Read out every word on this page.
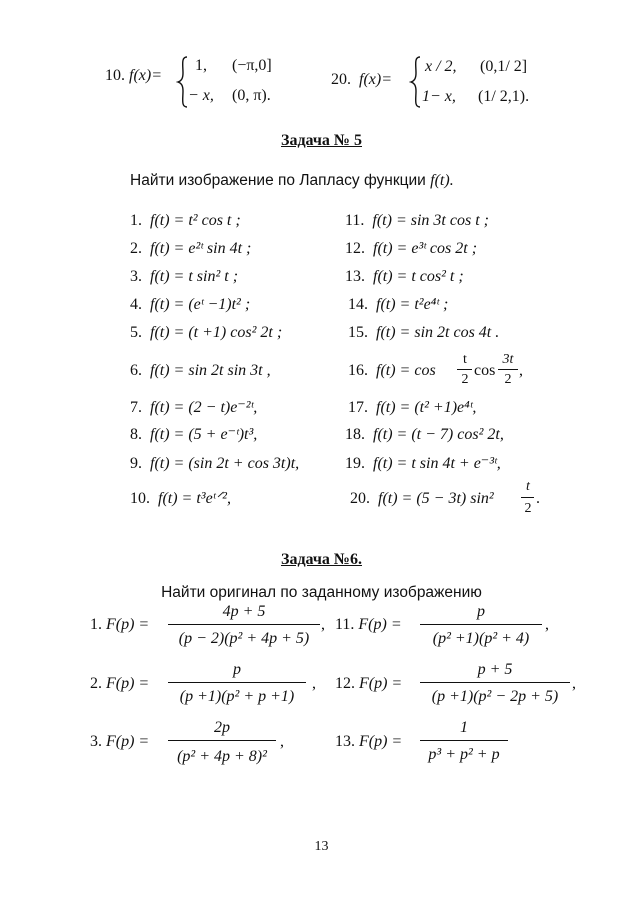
10. f(x)=
1, (−π,0]
− x, (0, π).
20. f(x)=
x / 2, (0,1/ 2]
1− x, (1/ 2,1).
Задача № 5
Найти изображение по Лапласу функции f(t).
1. f(t) = t² cos t ;
2. f(t) = e²ᵗ sin 4t ;
3. f(t) = t sin² t ;
4. f(t) = (eᵗ −1)t² ;
5. f(t) = (t +1) cos² 2t ;
6. f(t) = sin 2t sin 3t ,
7. f(t) = (2 − t)e⁻²ᵗ,
8. f(t) = (5 + e⁻ᵗ)t³,
9. f(t) = (sin 2t + cos 3t)t,
10. f(t) = t³eᵗᐟ²,
11. f(t) = sin 3t cos t ;
12. f(t) = e³ᵗ cos 2t ;
13. f(t) = t cos² t ;
14. f(t) = t²e⁴ᵗ ;
15. f(t) = sin 2t cos 4t .
16. f(t) = cos
t
2
cos
3t
2
,
17. f(t) = (t² +1)e⁴ᵗ,
18. f(t) = (t − 7) cos² 2t,
19. f(t) = t sin 4t + e⁻³ᵗ,
20. f(t) = (5 − 3t) sin²
t
2
.
Задача №6.
Найти оригинал по заданному изображению
1. F(p) =
4p + 5
(p − 2)(p² + 4p + 5)
, 11. F(p) =
p
(p² +1)(p² + 4)
,
2. F(p) =
p
(p +1)(p² + p +1)
, 12. F(p) =
p + 5
(p +1)(p² − 2p + 5)
,
3. F(p) =
2p
(p² + 4p + 8)²
,	13. F(p) =
1
p³ + p² + p
13
